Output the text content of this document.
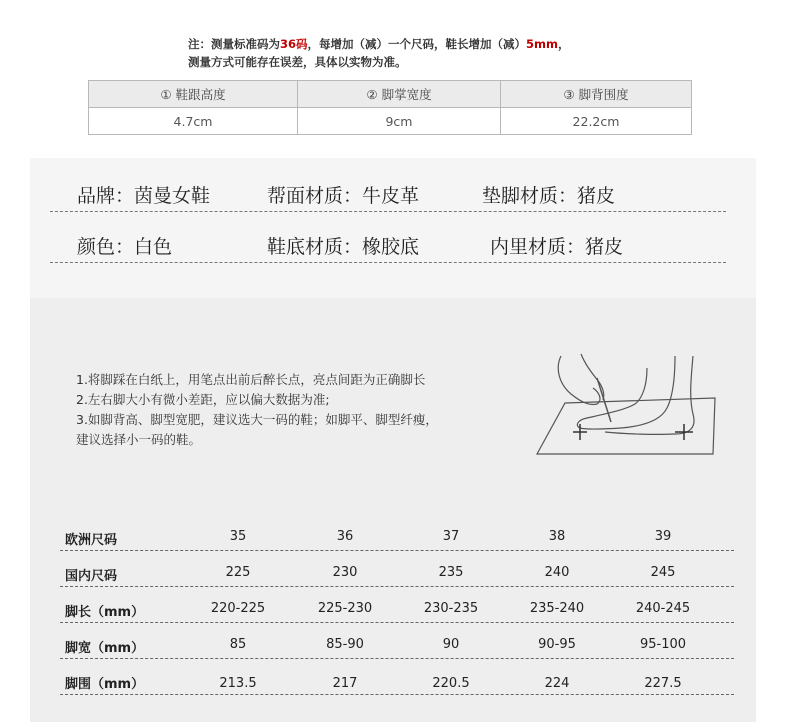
注：测量标准码为36码，每增加（减）一个尺码，鞋长增加（减）5mm，
测量方式可能存在误差，具体以实物为准。
① 鞋跟高度	② 脚掌宽度	③ 脚背围度
4.7cm	9cm	22.2cm
品牌：茵曼女鞋	帮面材质：牛皮革	垫脚材质：猪皮
颜色：白色	鞋底材质：橡胶底	内里材质：猪皮
1.将脚踩在白纸上，用笔点出前后醉长点，亮点间距为正确脚长
2.左右脚大小有微小差距，应以偏大数据为准;
3.如脚背高、脚型宽肥，建议选大一码的鞋；如脚平、脚型纤瘦，
建议选择小一码的鞋。
欧洲尺码	35	36	37	38	39
国内尺码	225	230	235	240	245
脚长（mm）	220-225	225-230	230-235	235-240	240-245
脚宽（mm）	85	85-90	90	90-95	95-100
脚围（mm）	213.5	217	220.5	224	227.5
